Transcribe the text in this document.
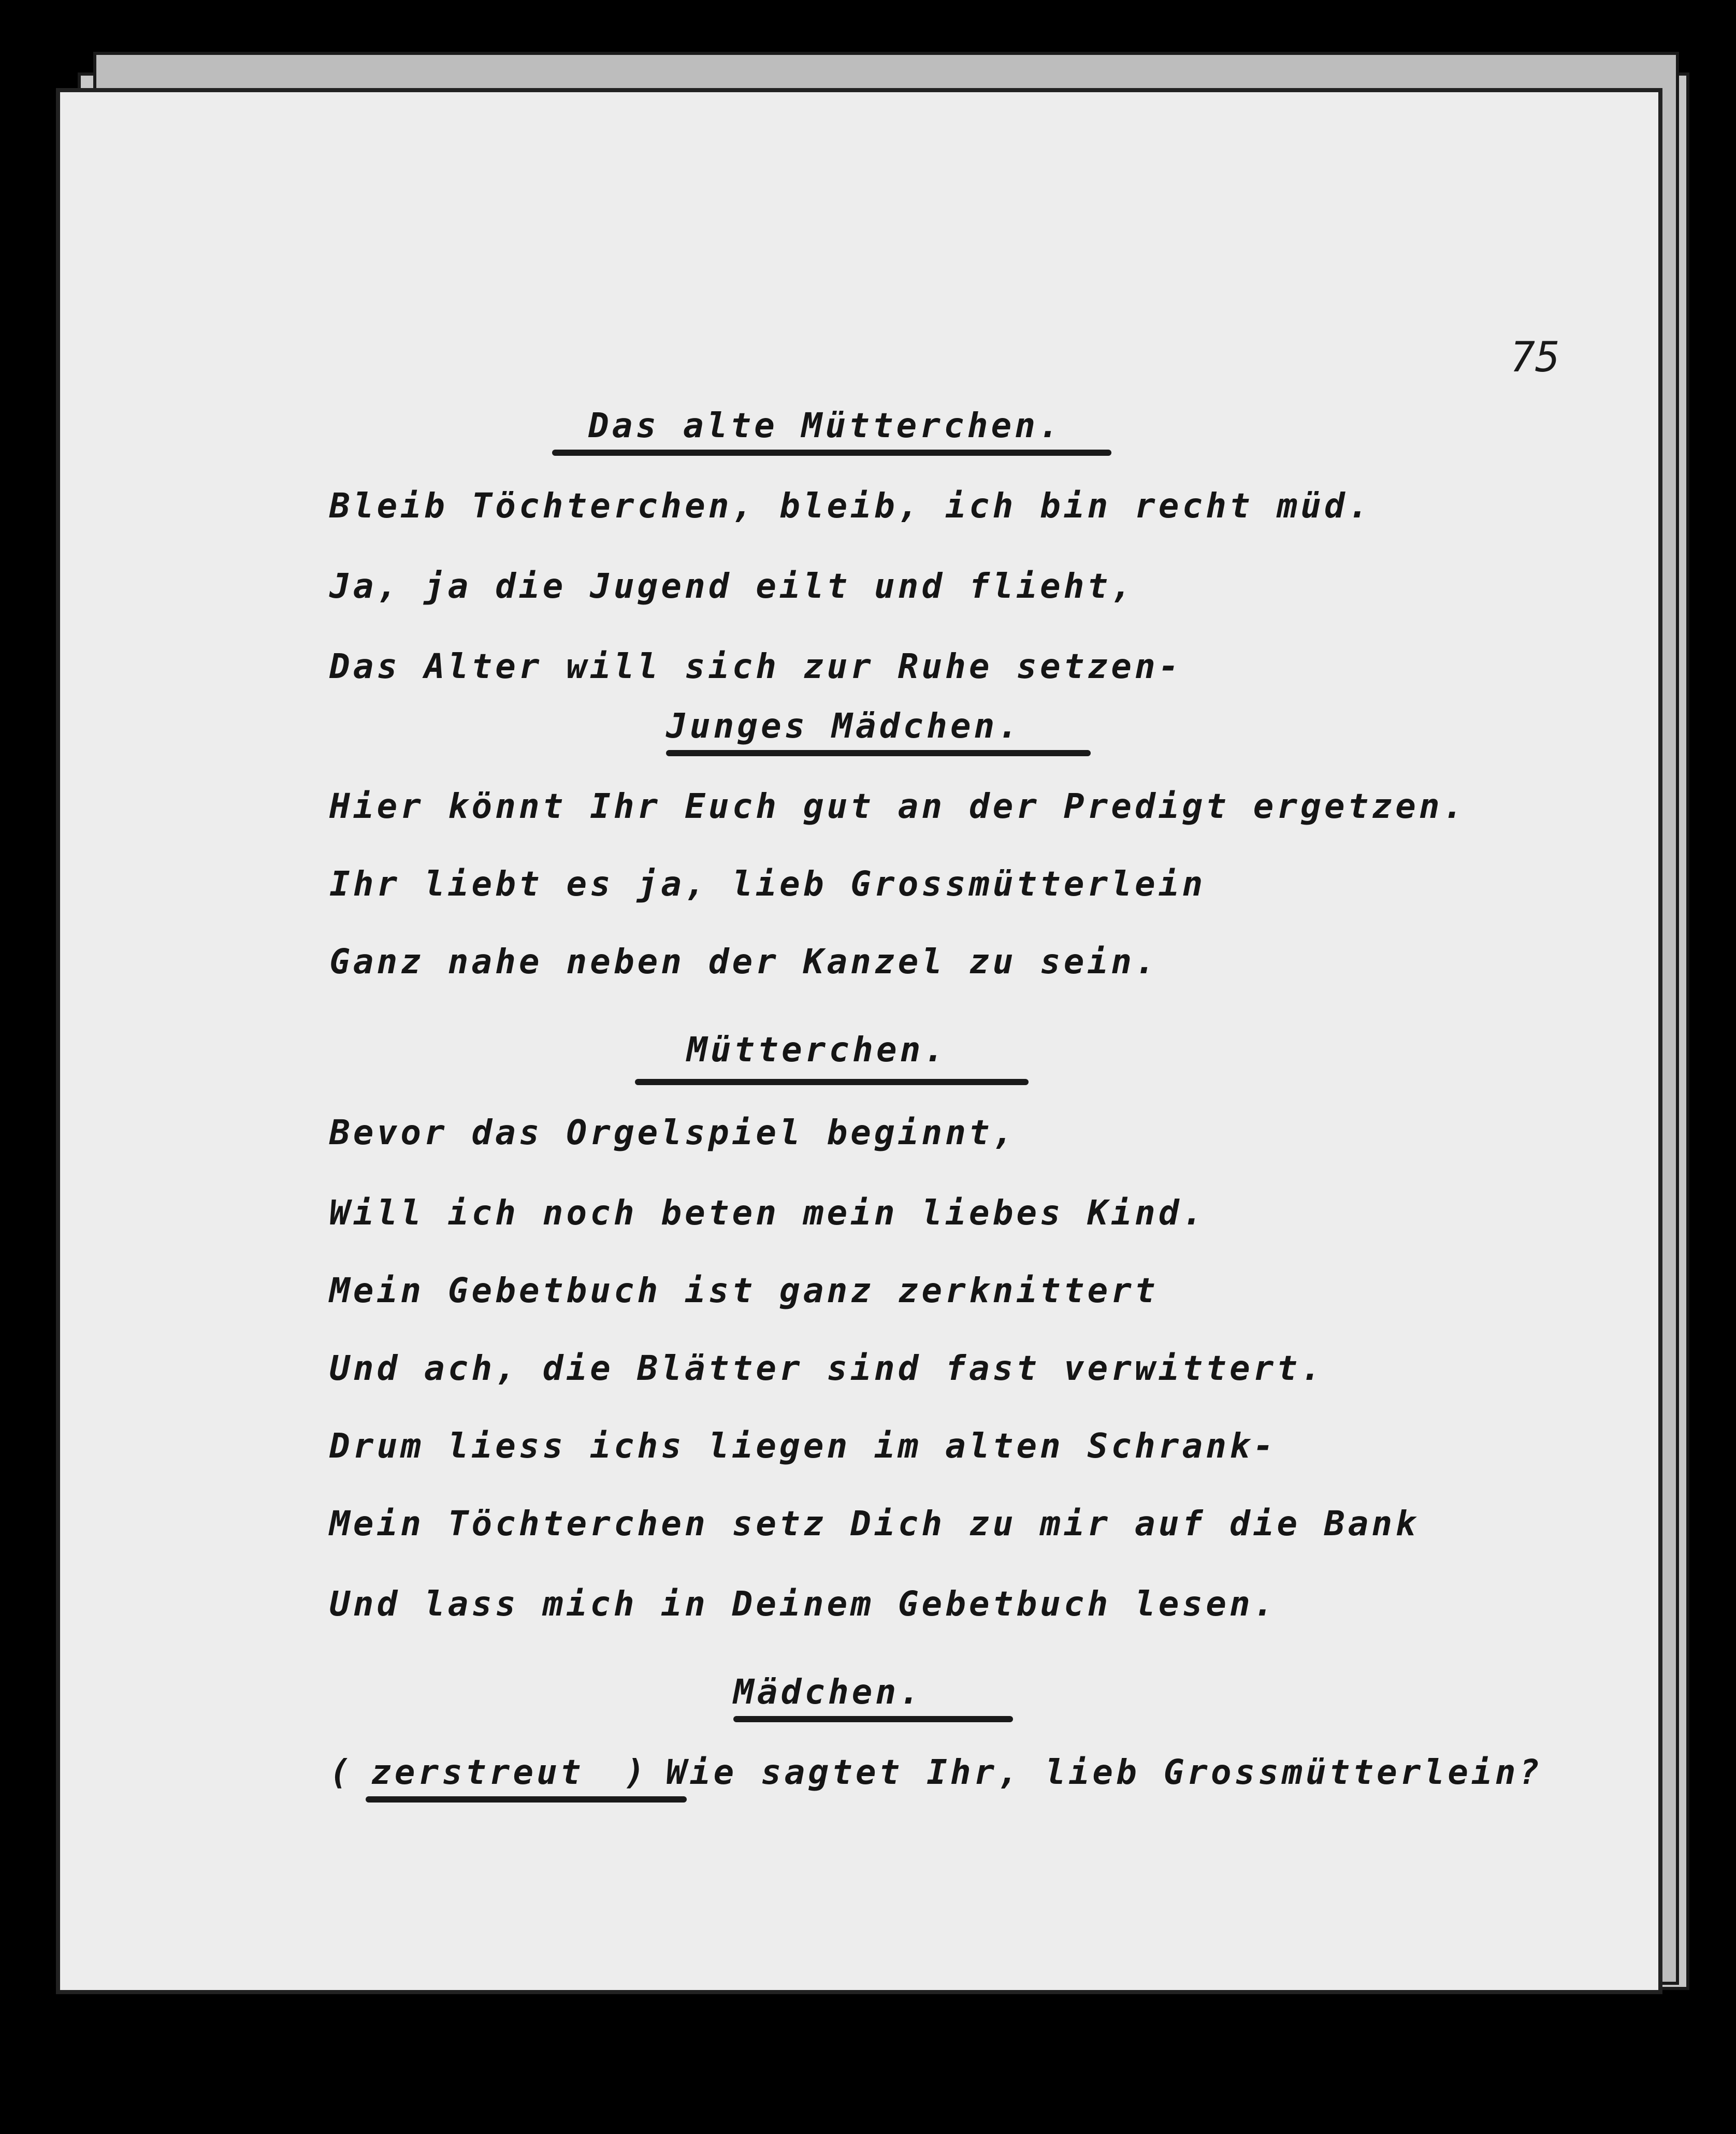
75
Das alte Mütterchen.
Bleib Töchterchen, bleib, ich bin recht müd.
Ja, ja die Jugend eilt und flieht,
Das Alter will sich zur Ruhe setzen-
Junges Mädchen.
Hier könnt Ihr Euch gut an der Predigt ergetzen.
Ihr liebt es ja, lieb Grossmütterlein
Ganz nahe neben der Kanzel zu sein.
Mütterchen.
Bevor das Orgelspiel beginnt,
Will ich noch beten mein liebes Kind.
Mein Gebetbuch ist ganz zerknittert
Und ach, die Blätter sind fast verwittert.
Drum liess ichs liegen im alten Schrank-
Mein Töchterchen setz Dich zu mir auf die Bank
Und lass mich in Deinem Gebetbuch lesen.
Mädchen.
( zerstreut ) Wie sagtet Ihr, lieb Grossmütterlein?
